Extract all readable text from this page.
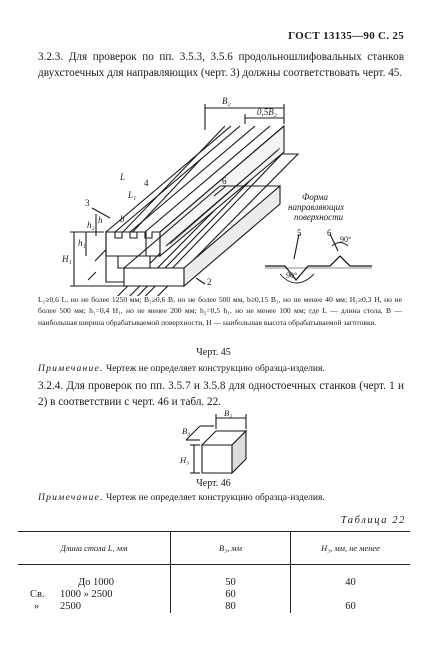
ГОСТ 13135—90 С. 25
3.2.3. Для проверок по пп. 3.5.3, 3.5.6 продольношлифовальных станков двухстоечных для направляющих (черт. 3) должны соответствовать черт. 45.
B₂
0,5B₂
L
L₁
3
4	6
2
b
h
h₁
h₂
H₁
Форма
направляющих
поверхности
5	6
90°
90°
L₁≥0,6 L, но не более 1250 мм; B₁≥0,6 B, но не более 500 мм, b≥0,15 B₁, но не менее 40 мм; H₁≥0,3 H, но не более 500 мм; h₁=0,4 H₁, но не менее 200 мм; h₂=0,5 h₁, но не менее 100 мм; где L — длина стола, B — наибольшая ширина обрабатываемой поверхности, H — наибольшая высота обрабатываемой заготовки.
Черт. 45
Примечание. Чертеж не определяет конструкцию образца-изделия.
3.2.4. Для проверок по пп. 3.5.7 и 3.5.8 для одностоечных станков (черт. 1 и 2) в соответствии с черт. 46 и табл. 22.
B₃
B₃
H₃
Черт. 46
Примечание. Чертеж не определяет конструкцию образца-изделия.
Таблица 22
Длина стола L, мм	B₃, мм	H₃, мм, не менее

До 1000	50	40
Св. 1000 » 2500	60	
» 2500	80	60
